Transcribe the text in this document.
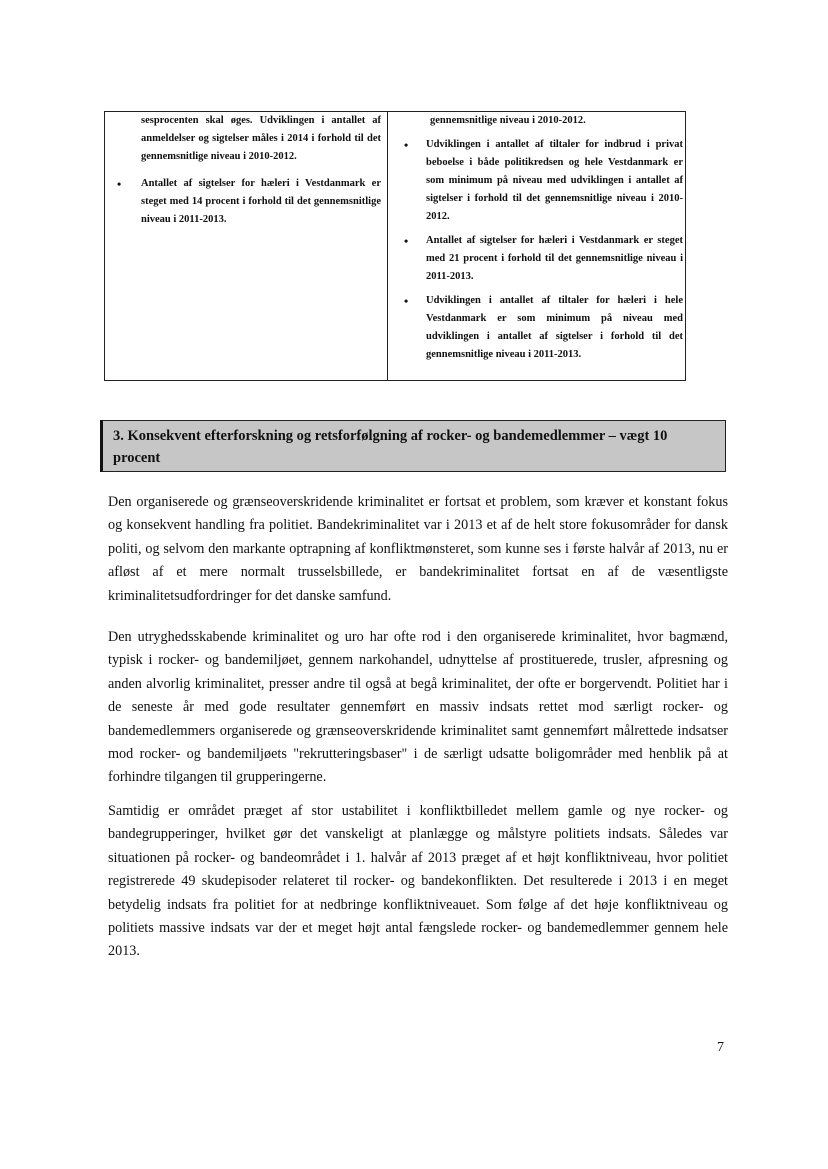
sesprocenten skal øges. Udviklingen i antallet af anmeldelser og sigtelser måles i 2014 i forhold til det gennemsnitlige niveau i 2010-2012.

• Antallet af sigtelser for hæleri i Vestdanmark er steget med 14 procent i forhold til det gennemsnitlige niveau i 2011-2013.

gennemsnitlige niveau i 2010-2012.

• Udviklingen i antallet af tiltaler for indbrud i privat beboelse i både politikredsen og hele Vestdanmark er som minimum på niveau med udviklingen i antallet af sigtelser i forhold til det gennemsnitlige niveau i 2010-2012.
• Antallet af sigtelser for hæleri i Vestdanmark er steget med 21 procent i forhold til det gennemsnitlige niveau i 2011-2013.
• Udviklingen i antallet af tiltaler for hæleri i hele Vestdanmark er som minimum på niveau med udviklingen i antallet af sigtelser i forhold til det gennemsnitlige niveau i 2011-2013.
3. Konsekvent efterforskning og retsforfølgning af rocker- og bandemedlemmer – vægt 10 procent

Den organiserede og grænseoverskridende kriminalitet er fortsat et problem, som kræver et konstant fokus og konsekvent handling fra politiet. Bandekriminalitet var i 2013 et af de helt store fokusområder for dansk politi, og selvom den markante optrapning af konfliktmønsteret, som kunne ses i første halvår af 2013, nu er afløst af et mere normalt trusselsbillede, er bandekriminalitet fortsat en af de væsentligste kriminalitetsudfordringer for det danske samfund.

Den utryghedsskabende kriminalitet og uro har ofte rod i den organiserede kriminalitet, hvor bagmænd, typisk i rocker- og bandemiljøet, gennem narkohandel, udnyttelse af prostituerede, trusler, afpresning og anden alvorlig kriminalitet, presser andre til også at begå kriminalitet, der ofte er borgervendt. Politiet har i de seneste år med gode resultater gennemført en massiv indsats rettet mod særligt rocker- og bandemedlemmers organiserede og grænseoverskridende kriminalitet samt gennemført målrettede indsatser mod rocker- og bandemiljøets "rekrutteringsbaser" i de særligt udsatte boligområder med henblik på at forhindre tilgangen til grupperingerne.

Samtidig er området præget af stor ustabilitet i konfliktbilledet mellem gamle og nye rocker- og bandegrupperinger, hvilket gør det vanskeligt at planlægge og målstyre politiets indsats. Således var situationen på rocker- og bandeområdet i 1. halvår af 2013 præget af et højt konfliktniveau, hvor politiet registrerede 49 skudepisoder relateret til rocker- og bandekonflikten. Det resulterede i 2013 i en meget betydelig indsats fra politiet for at nedbringe konfliktniveauet. Som følge af det høje konfliktniveau og politiets massive indsats var der et meget højt antal fængslede rocker- og bandemedlemmer gennem hele 2013.

7
